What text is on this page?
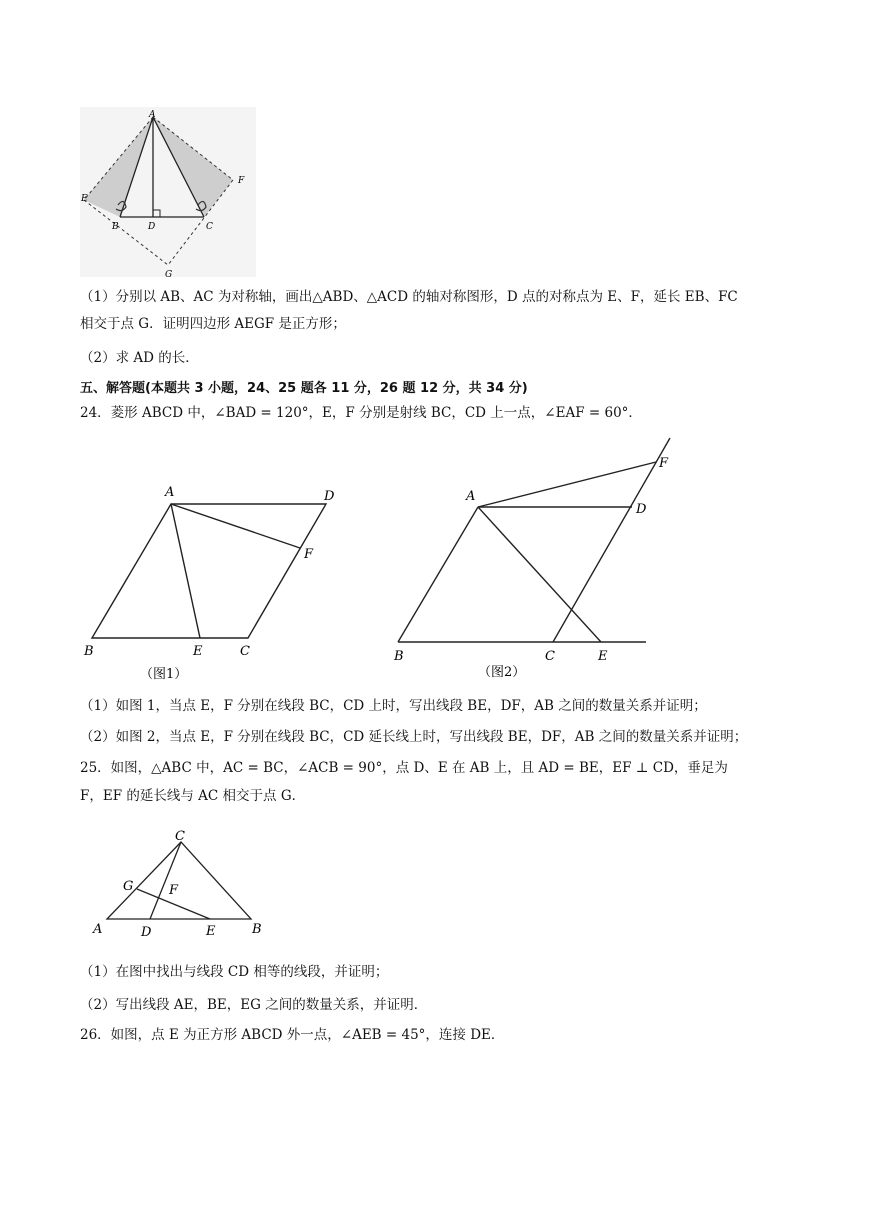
A
E
F
B	D	C
G
（1）分别以 AB、AC 为对称轴，画出△ABD、△ACD 的轴对称图形，D 点的对称点为 E、F，延长 EB、FC
相交于点 G．证明四边形 AEGF 是正方形；
（2）求 AD 的长．
五、解答题(本题共 3 小题，24、25 题各 11 分，26 题 12 分，共 34 分)
24．菱形 ABCD 中，∠BAD = 120°，E，F 分别是射线 BC，CD 上一点，∠EAF = 60°．
A	D
F
B	E	C
（图1）
A
D
F
B	C	E
（图2）
（1）如图 1，当点 E，F 分别在线段 BC，CD 上时，写出线段 BE，DF，AB 之间的数量关系并证明；
（2）如图 2，当点 E，F 分别在线段 BC，CD 延长线上时，写出线段 BE，DF，AB 之间的数量关系并证明；
25．如图，△ABC 中，AC = BC，∠ACB = 90°，点 D、E 在 AB 上，且 AD = BE，EF ⊥ CD，垂足为
F，EF 的延长线与 AC 相交于点 G．
C
G	F
A	D	E	B
（1）在图中找出与线段 CD 相等的线段，并证明；
（2）写出线段 AE，BE，EG 之间的数量关系，并证明．
26．如图，点 E 为正方形 ABCD 外一点，∠AEB = 45°，连接 DE．
